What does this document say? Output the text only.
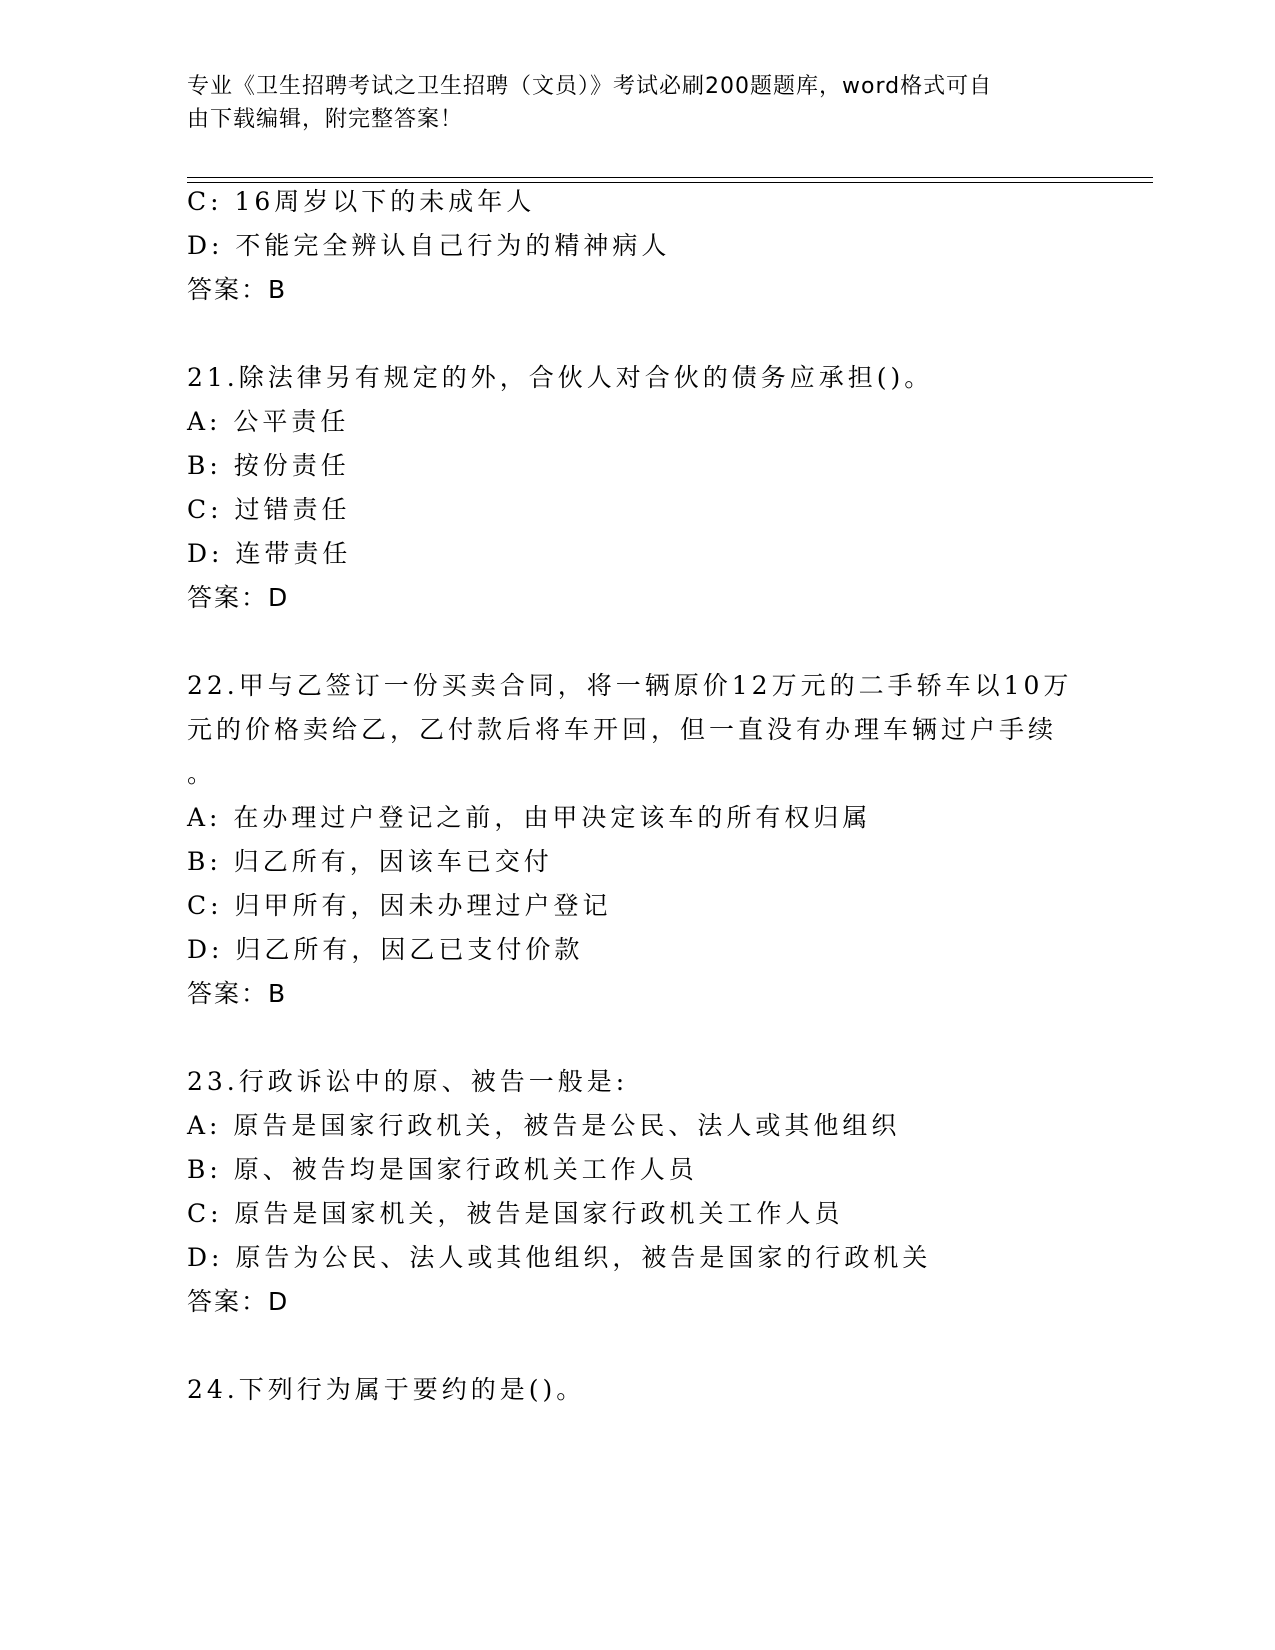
专业《卫生招聘考试之卫生招聘（文员）》考试必刷200题题库，word格式可自
由下载编辑，附完整答案！
C: 16周岁以下的未成年人
D: 不能完全辨认自己行为的精神病人
答案：B
21.除法律另有规定的外，合伙人对合伙的债务应承担()。
A: 公平责任
B: 按份责任
C: 过错责任
D: 连带责任
答案：D
22.甲与乙签订一份买卖合同，将一辆原价12万元的二手轿车以10万
元的价格卖给乙，乙付款后将车开回，但一直没有办理车辆过户手续
。
A: 在办理过户登记之前，由甲决定该车的所有权归属
B: 归乙所有，因该车已交付
C: 归甲所有，因未办理过户登记
D: 归乙所有，因乙已支付价款
答案：B
23.行政诉讼中的原、被告一般是:
A: 原告是国家行政机关，被告是公民、法人或其他组织
B: 原、被告均是国家行政机关工作人员
C: 原告是国家机关，被告是国家行政机关工作人员
D: 原告为公民、法人或其他组织，被告是国家的行政机关
答案：D
24.下列行为属于要约的是()。
